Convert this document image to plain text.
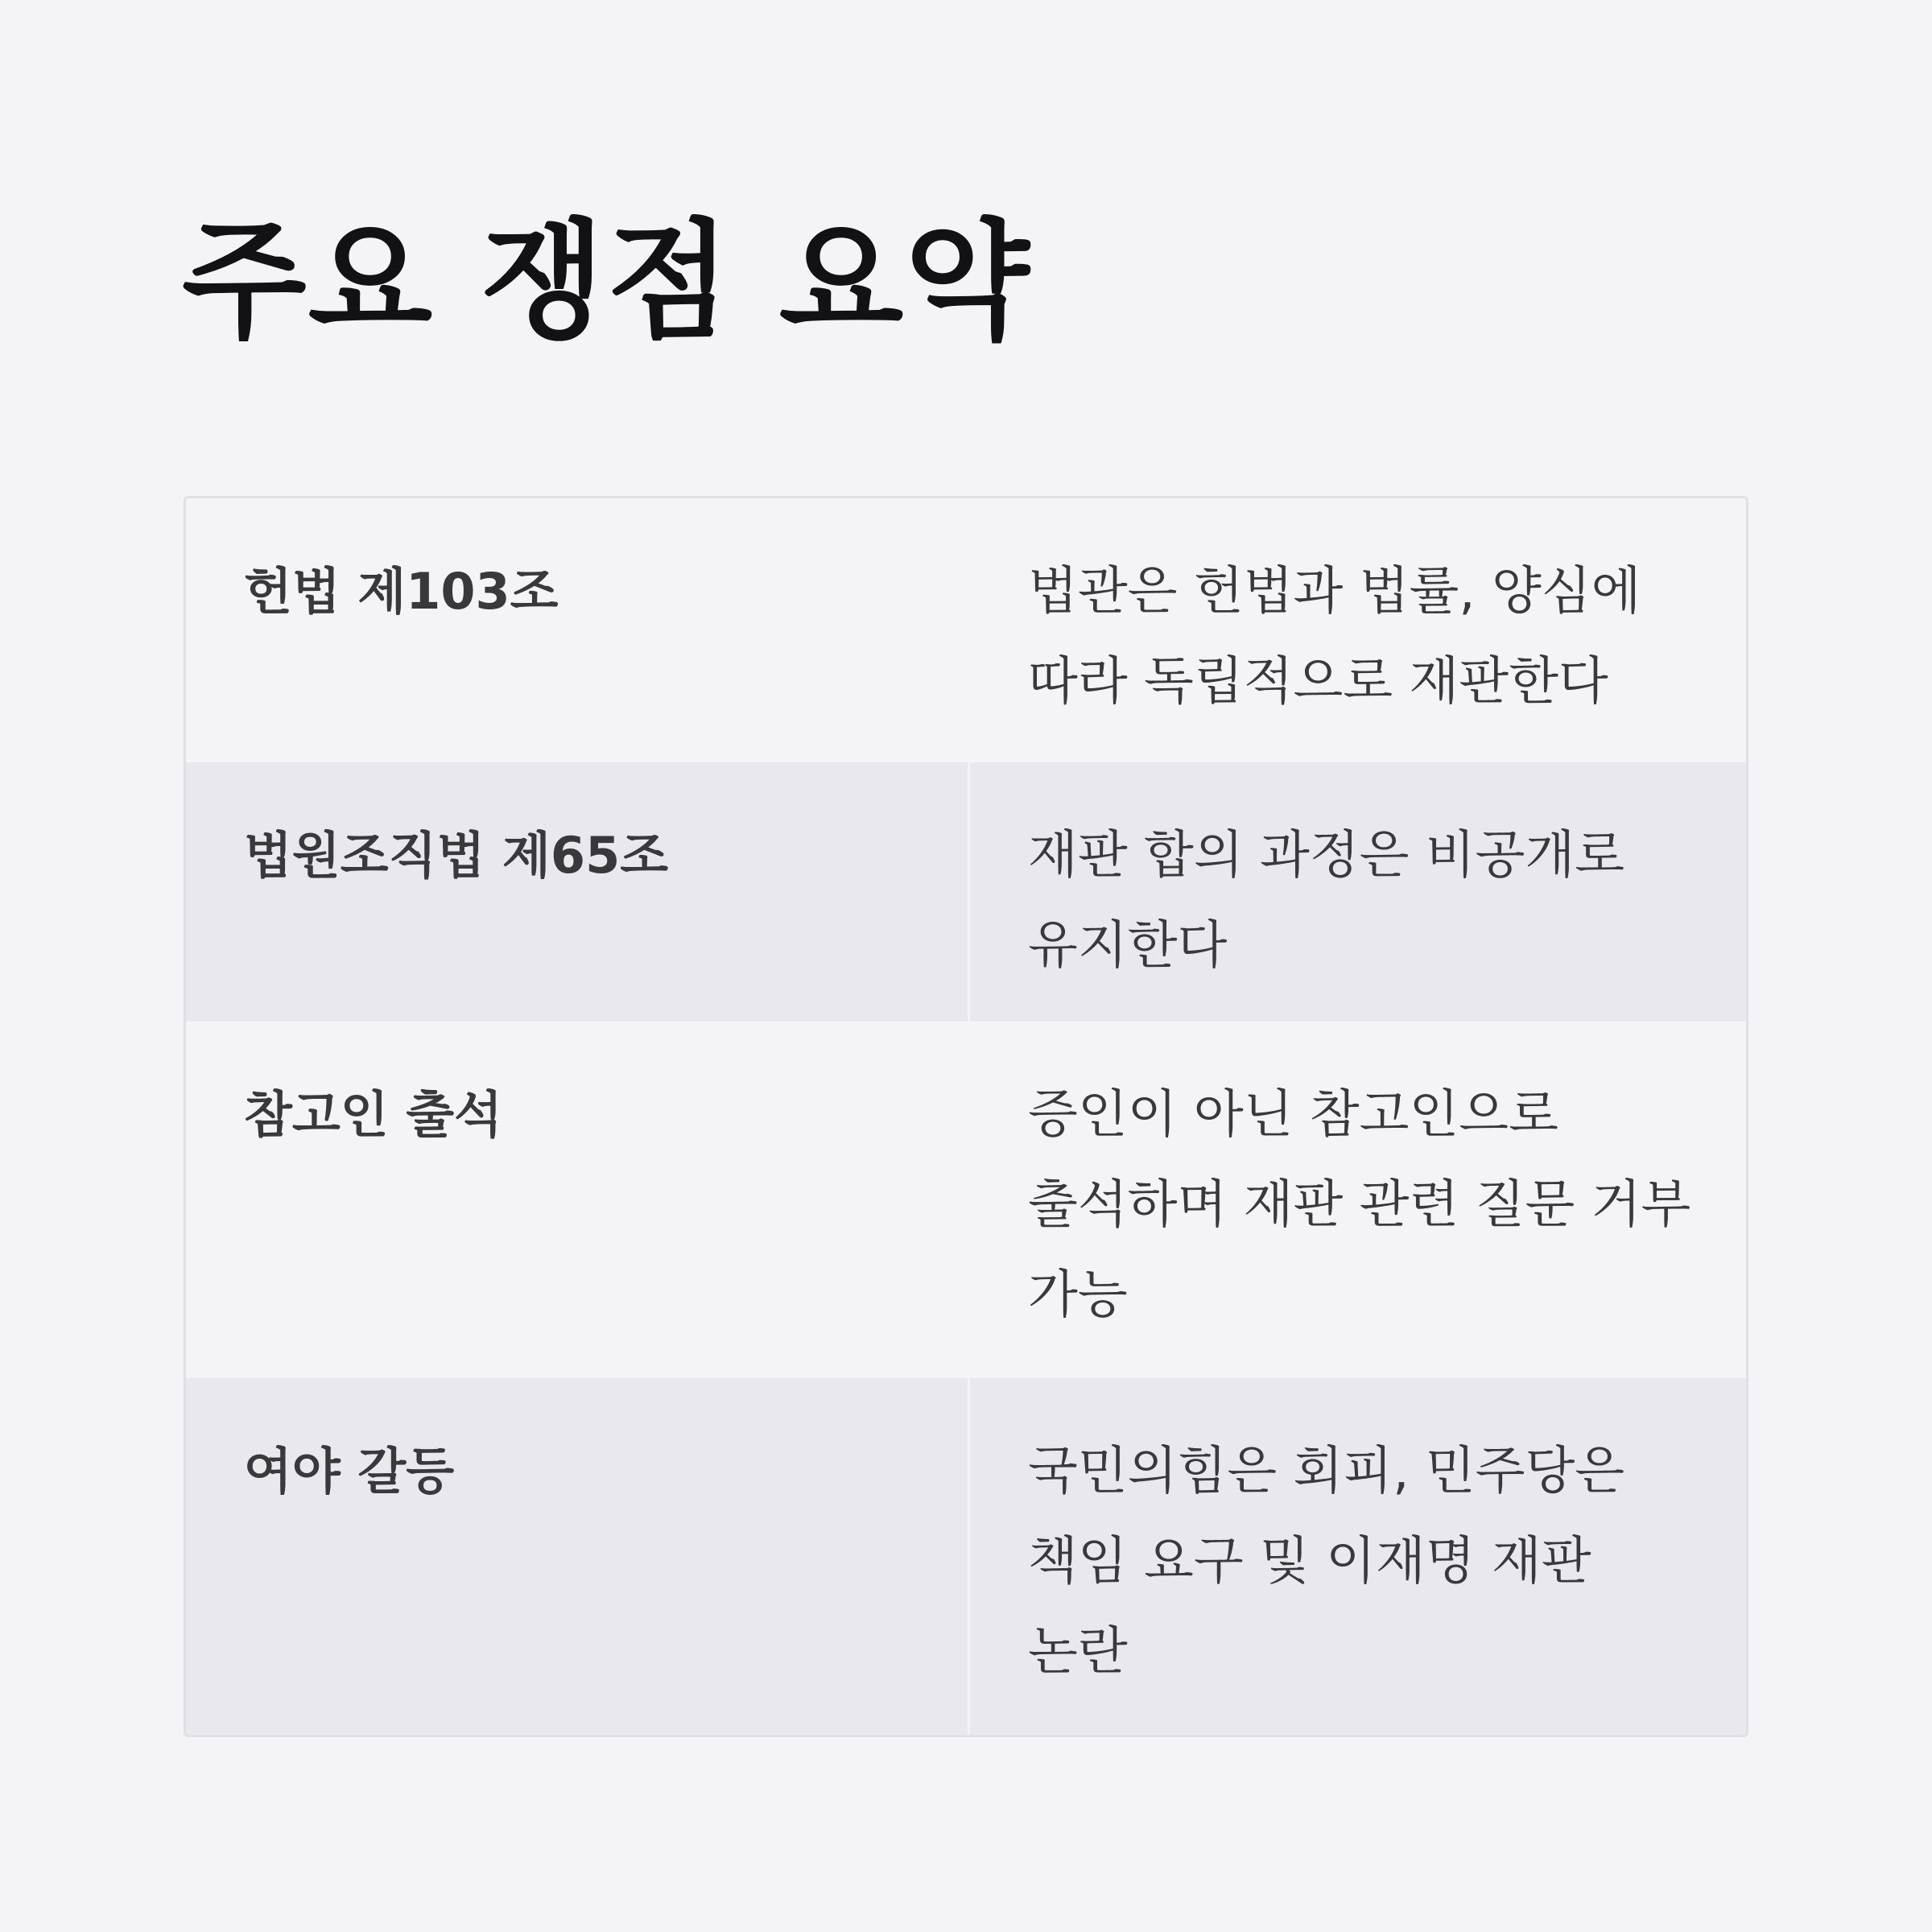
주요 쟁점 요약
헌법 제103조	법관은 헌법과 법률, 양심에 따라 독립적으로 재판한다
법원조직법 제65조	재판 합의 과정은 비공개로 유지한다
참고인 출석	증인이 아닌 참고인으로 출석하며 재판 관련 질문 거부 가능
여야 갈등	국민의힘은 회피, 민주당은 책임 요구 및 이재명 재판 논란
